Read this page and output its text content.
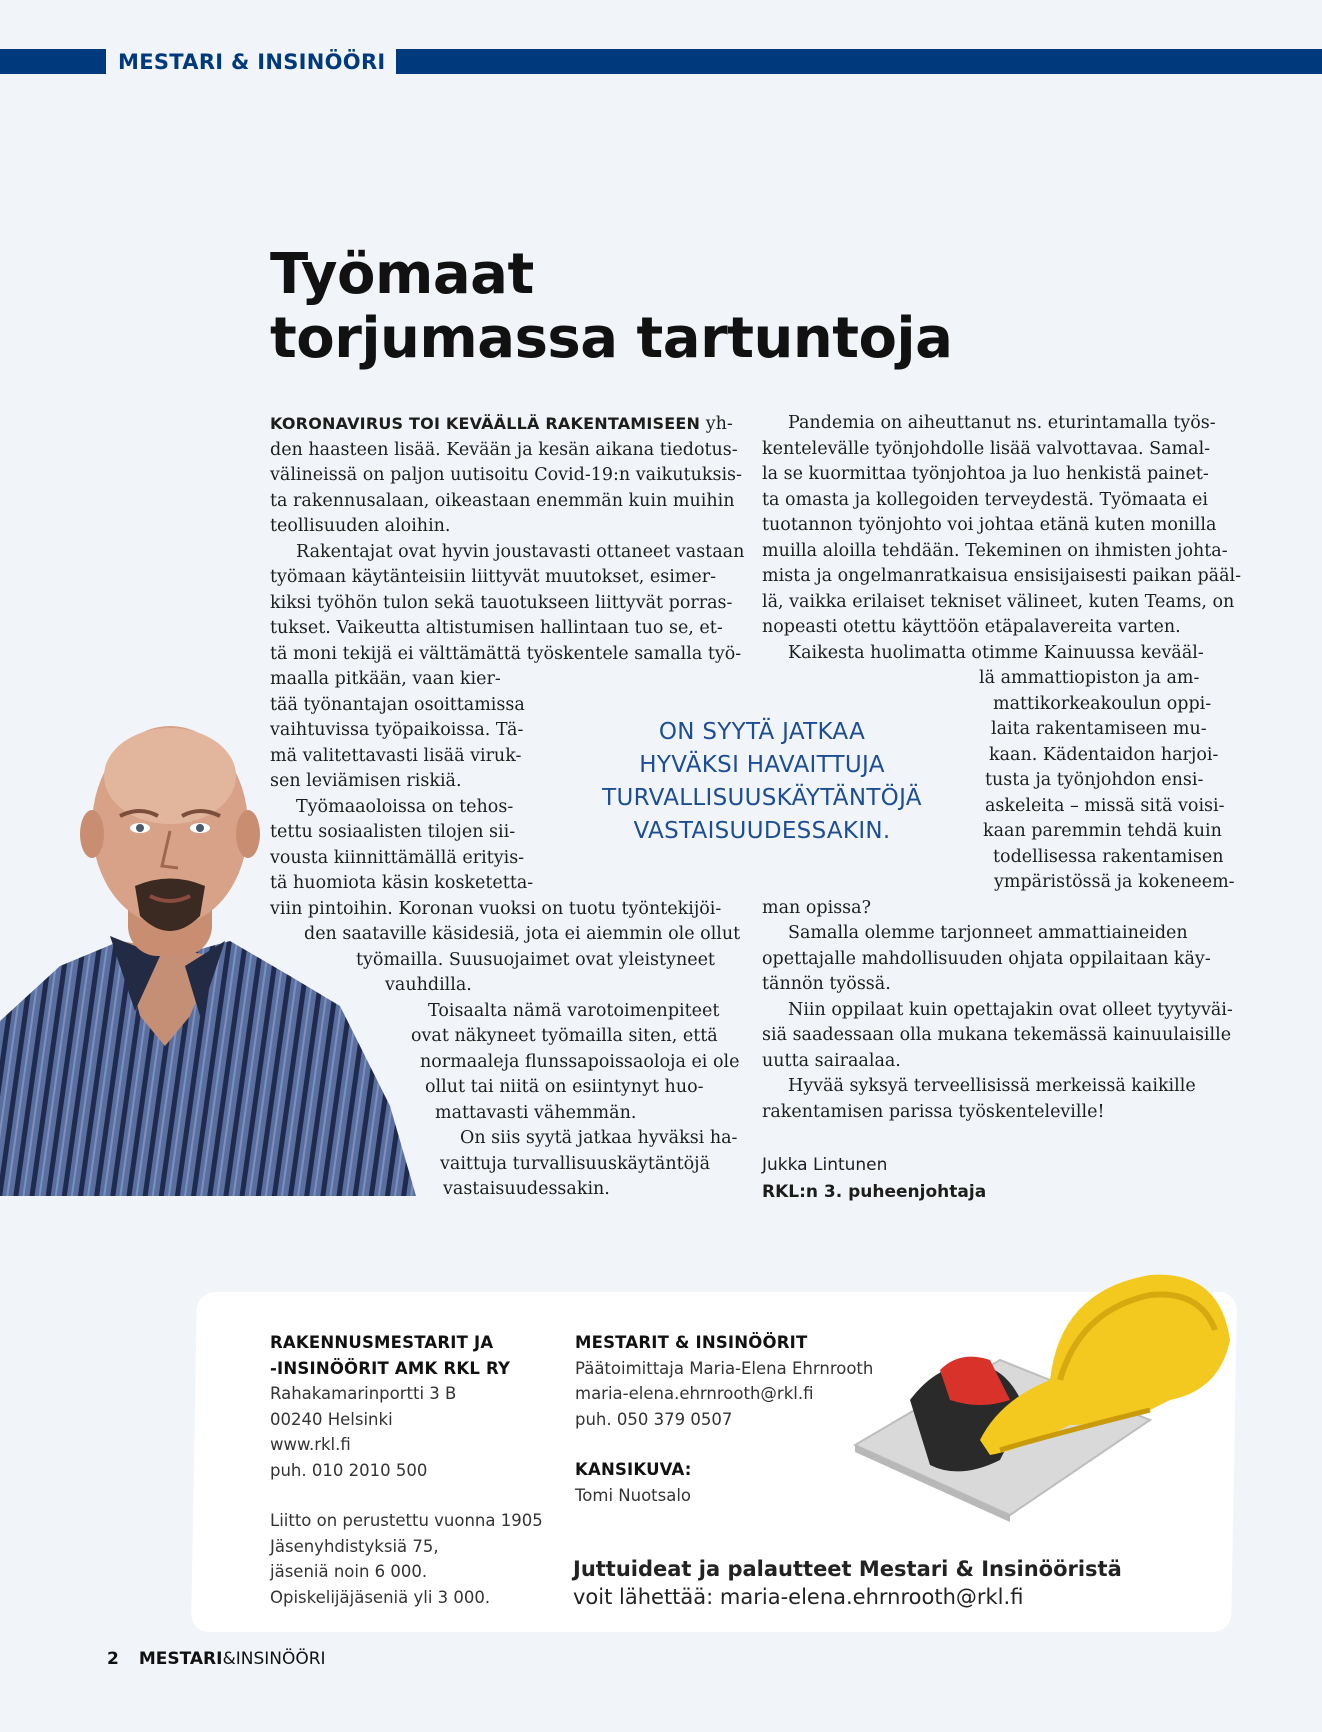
MESTARI & INSINÖÖRI
Työmaat
torjumassa tartuntoja
KORONAVIRUS TOI KEVÄÄLLÄ RAKENTAMISEEN yh-
den haasteen lisää. Kevään ja kesän aikana tiedotus-
välineissä on paljon uutisoitu Covid-19:n vaikutuksis-
ta rakennusalaan, oikeastaan enemmän kuin muihin
teollisuuden aloihin.
Rakentajat ovat hyvin joustavasti ottaneet vastaan
työmaan käytänteisiin liittyvät muutokset, esimer-
kiksi työhön tulon sekä tauotukseen liittyvät porras-
tukset. Vaikeutta altistumisen hallintaan tuo se, et-
tä moni tekijä ei välttämättä työskentele samalla työ-
maalla pitkään, vaan kier-
tää työnantajan osoittamissa
vaihtuvissa työpaikoissa. Tä-
mä valitettavasti lisää viruk-
sen leviämisen riskiä.
Työmaaoloissa on tehos-
tettu sosiaalisten tilojen sii-
vousta kiinnittämällä erityis-
tä huomiota käsin kosketetta-
viin pintoihin. Koronan vuoksi on tuotu työntekijöi-
den saataville käsidesiä, jota ei aiemmin ole ollut
työmailla. Suusuojaimet ovat yleistyneet
vauhdilla.
Toisaalta nämä varotoimenpiteet
ovat näkyneet työmailla siten, että
normaaleja flunssapoissaoloja ei ole
ollut tai niitä on esiintynyt huo-
mattavasti vähemmän.
On siis syytä jatkaa hyväksi ha-
vaittuja turvallisuuskäytäntöjä
vastaisuudessakin.
Pandemia on aiheuttanut ns. eturintamalla työs-
kentelevälle työnjohdolle lisää valvottavaa. Samal-
la se kuormittaa työnjohtoa ja luo henkistä painet-
ta omasta ja kollegoiden terveydestä. Työmaata ei
tuotannon työnjohto voi johtaa etänä kuten monilla
muilla aloilla tehdään. Tekeminen on ihmisten johta-
mista ja ongelmanratkaisua ensisijaisesti paikan pääl-
lä, vaikka erilaiset tekniset välineet, kuten Teams, on
nopeasti otettu käyttöön etäpalavereita varten.
Kaikesta huolimatta otimme Kainuussa kevääl-
lä ammattiopiston ja am-
mattikorkeakoulun oppi-
laita rakentamiseen mu-
kaan. Kädentaidon harjoi-
tusta ja työnjohdon ensi-
askeleita – missä sitä voisi-
kaan paremmin tehdä kuin
todellisessa rakentamisen
ympäristössä ja kokeneem-
man opissa?
Samalla olemme tarjonneet ammattiaineiden
opettajalle mahdollisuuden ohjata oppilaitaan käy-
tännön työssä.
Niin oppilaat kuin opettajakin ovat olleet tyytyväi-
siä saadessaan olla mukana tekemässä kainuulaisille
uutta sairaalaa.
Hyvää syksyä terveellisissä merkeissä kaikille
rakentamisen parissa työskenteleville!
ON SYYTÄ JATKAA
HYVÄKSI HAVAITTUJA
TURVALLISUUSKÄYTÄNTÖJÄ
VASTAISUUDESSAKIN.
Jukka Lintunen
RKL:n 3. puheenjohtaja
RAKENNUSMESTARIT JA
-INSINÖÖRIT AMK RKL RY
Rahakamarinportti 3 B
00240 Helsinki
www.rkl.fi
puh. 010 2010 500
Liitto on perustettu vuonna 1905
Jäsenyhdistyksiä 75,
jäseniä noin 6 000.
Opiskelijäjäseniä yli 3 000.
MESTARIT & INSINÖÖRIT
Päätoimittaja Maria-Elena Ehrnrooth
maria-elena.ehrnrooth@rkl.fi
puh. 050 379 0507
KANSIKUVA:
Tomi Nuotsalo
Juttuideat ja palautteet Mestari & Insinööristä
voit lähettää: maria-elena.ehrnrooth@rkl.fi
2 MESTARI&INSINÖÖRI
